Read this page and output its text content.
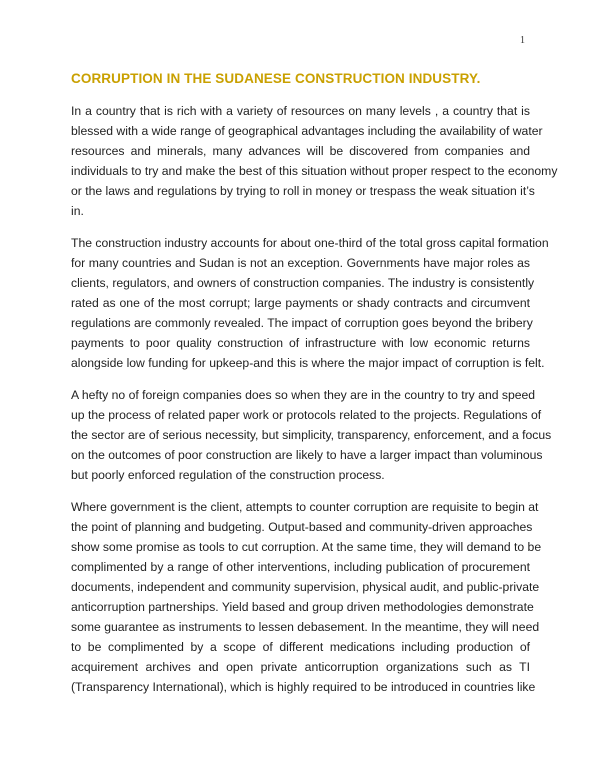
1
CORRUPTION IN THE SUDANESE CONSTRUCTION INDUSTRY.
In a country that is rich with a variety of resources on many levels , a country that is
blessed with a wide range of geographical advantages including the availability of water
resources and minerals, many advances will be discovered from companies and
individuals to try and make the best of this situation without proper respect to the economy
or the laws and regulations by trying to roll in money or trespass the weak situation it’s
in.
The construction industry accounts for about one-third of the total gross capital formation
for many countries and Sudan is not an exception. Governments have major roles as
clients, regulators, and owners of construction companies. The industry is consistently
rated as one of the most corrupt; large payments or shady contracts and circumvent
regulations are commonly revealed. The impact of corruption goes beyond the bribery
payments to poor quality construction of infrastructure with low economic returns
alongside low funding for upkeep-and this is where the major impact of corruption is felt.
A hefty no of foreign companies does so when they are in the country to try and speed
up the process of related paper work or protocols related to the projects. Regulations of
the sector are of serious necessity, but simplicity, transparency, enforcement, and a focus
on the outcomes of poor construction are likely to have a larger impact than voluminous
but poorly enforced regulation of the construction process.
Where government is the client, attempts to counter corruption are requisite to begin at
the point of planning and budgeting. Output-based and community-driven approaches
show some promise as tools to cut corruption. At the same time, they will demand to be
complimented by a range of other interventions, including publication of procurement
documents, independent and community supervision, physical audit, and public-private
anticorruption partnerships. Yield based and group driven methodologies demonstrate
some guarantee as instruments to lessen debasement. In the meantime, they will need
to be complimented by a scope of different medications including production of
acquirement archives and open private anticorruption organizations such as TI
(Transparency International), which is highly required to be introduced in countries like
